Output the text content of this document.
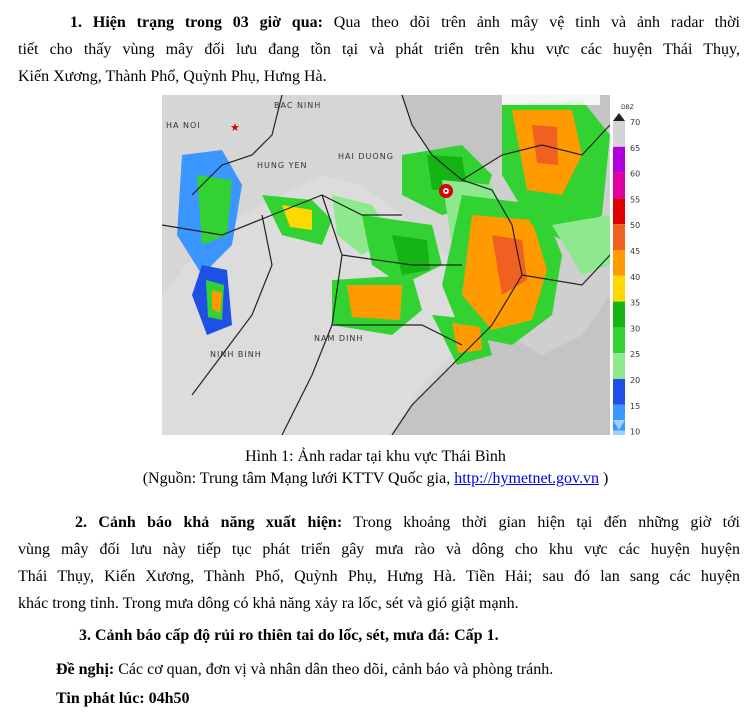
1. Hiện trạng trong 03 giờ qua: Qua theo dõi trên ảnh mây vệ tinh và ảnh radar thời
tiết cho thấy vùng mây đối lưu đang tồn tại và phát triển trên khu vực các huyện Thái Thụy,
Kiến Xương, Thành Phố, Quỳnh Phụ, Hưng Hà.
HA NOI
BAC NINH
HUNG YEN
HAI DUONG
NINH BINH
NAM DINH
★
DBZ
70
65
60
55
50
45
40
35
30
25
20
15
10
Hình 1: Ảnh radar tại khu vực Thái Bình
(Nguồn: Trung tâm Mạng lưới KTTV Quốc gia, http://hymetnet.gov.vn )
2. Cảnh báo khả năng xuất hiện: Trong khoảng thời gian hiện tại đến những giờ tới
vùng mây đối lưu này tiếp tục phát triển gây mưa rào và dông cho khu vực các huyện huyện
Thái Thụy, Kiến Xương, Thành Phố, Quỳnh Phụ, Hưng Hà. Tiền Hải; sau đó lan sang các huyện
khác trong tỉnh. Trong mưa dông có khả năng xảy ra lốc, sét và gió giật mạnh.
3. Cảnh báo cấp độ rủi ro thiên tai do lốc, sét, mưa đá: Cấp 1.
Đề nghị: Các cơ quan, đơn vị và nhân dân theo dõi, cảnh báo và phòng tránh.
Tin phát lúc: 04h50
